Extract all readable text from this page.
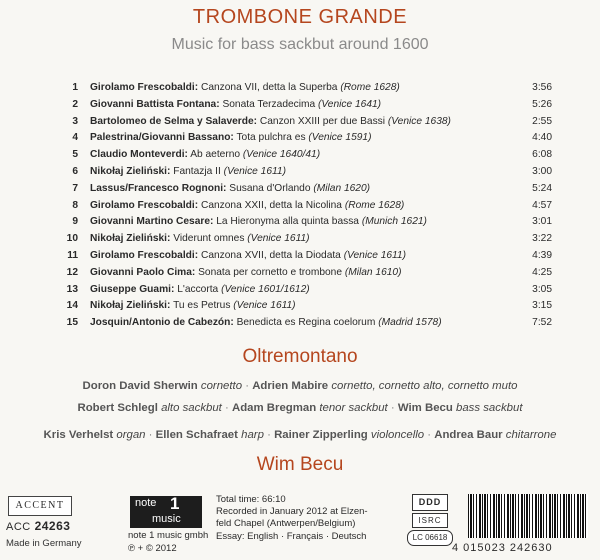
TROMBONE GRANDE
Music for bass sackbut around 1600
1 Girolamo Frescobaldi: Canzona VII, detta la Superba (Rome 1628)	3:56
2 Giovanni Battista Fontana: Sonata Terzadecima (Venice 1641)	5:26
3 Bartolomeo de Selma y Salaverde: Canzon XXIII per due Bassi (Venice 1638)	2:55
4 Palestrina/Giovanni Bassano: Tota pulchra es (Venice 1591)	4:40
5 Claudio Monteverdi: Ab aeterno (Venice 1640/41)	6:08
6 Nikołaj Zieliński: Fantazja II (Venice 1611)	3:00
7 Lassus/Francesco Rognoni: Susana d'Orlando (Milan 1620)	5:24
8 Girolamo Frescobaldi: Canzona XXII, detta la Nicolina (Rome 1628)	4:57
9 Giovanni Martino Cesare: La Hieronyma alla quinta bassa (Munich 1621)	3:01
10 Nikołaj Zieliński: Viderunt omnes (Venice 1611)	3:22
11 Girolamo Frescobaldi: Canzona XVII, detta la Diodata (Venice 1611)	4:39
12 Giovanni Paolo Cima: Sonata per cornetto e trombone (Milan 1610)	4:25
13 Giuseppe Guami: L'accorta (Venice 1601/1612)	3:05
14 Nikołaj Zieliński: Tu es Petrus (Venice 1611)	3:15
15 Josquin/Antonio de Cabezón: Benedicta es Regina coelorum (Madrid 1578)	7:52
Oltremontano
Doron David Sherwin cornetto · Adrien Mabire cornetto, cornetto alto, cornetto muto
Robert Schlegl alto sackbut · Adam Bregman tenor sackbut · Wim Becu bass sackbut
Kris Verhelst organ · Ellen Schafraet harp · Rainer Zipperling violoncello · Andrea Baur chitarrone
Wim Becu
ACCENT
ACC 24263
Made in Germany
note 1
music
note 1 music gmbh
℗ + © 2012
Total time: 66:10
Recorded in January 2012 at Elzen-
feld Chapel (Antwerpen/Belgium)
Essay: English · Français · Deutsch
DDD
ISRC
LC 06618
4 015023 242630
